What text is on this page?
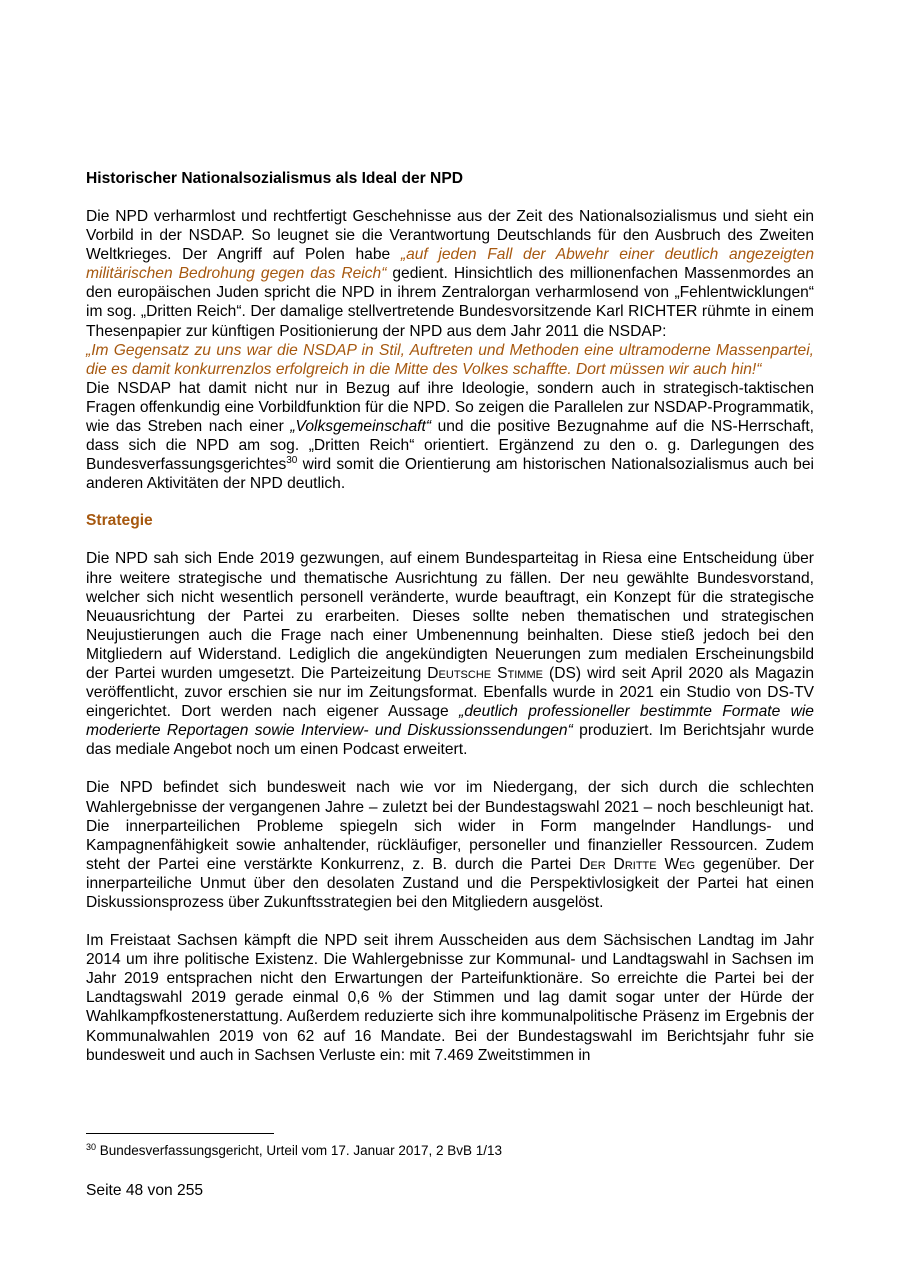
Historischer Nationalsozialismus als Ideal der NPD

Die NPD verharmlost und rechtfertigt Geschehnisse aus der Zeit des Nationalsozialismus und sieht ein Vorbild in der NSDAP. So leugnet sie die Verantwortung Deutschlands für den Ausbruch des Zweiten Weltkrieges. Der Angriff auf Polen habe „auf jeden Fall der Abwehr einer deutlich angezeigten militärischen Bedrohung gegen das Reich“ gedient. Hinsichtlich des millionenfachen Massenmordes an den europäischen Juden spricht die NPD in ihrem Zentralorgan verharmlosend von „Fehlentwicklungen“ im sog. „Dritten Reich“. Der damalige stellvertretende Bundesvorsitzende Karl RICHTER rühmte in einem Thesenpapier zur künftigen Positionierung der NPD aus dem Jahr 2011 die NSDAP:

„Im Gegensatz zu uns war die NSDAP in Stil, Auftreten und Methoden eine ultramoderne Massenpartei, die es damit konkurrenzlos erfolgreich in die Mitte des Volkes schaffte. Dort müssen wir auch hin!“

Die NSDAP hat damit nicht nur in Bezug auf ihre Ideologie, sondern auch in strategisch-taktischen Fragen offenkundig eine Vorbildfunktion für die NPD. So zeigen die Parallelen zur NSDAP-Programmatik, wie das Streben nach einer „Volksgemeinschaft“ und die positive Bezugnahme auf die NS-Herrschaft, dass sich die NPD am sog. „Dritten Reich“ orientiert. Ergänzend zu den o. g. Darlegungen des Bundesverfassungsgerichtes$^{30}$ wird somit die Orientierung am historischen Nationalsozialismus auch bei anderen Aktivitäten der NPD deutlich.

Strategie

Die NPD sah sich Ende 2019 gezwungen, auf einem Bundesparteitag in Riesa eine Entscheidung über ihre weitere strategische und thematische Ausrichtung zu fällen. Der neu gewählte Bundesvorstand, welcher sich nicht wesentlich personell veränderte, wurde beauftragt, ein Konzept für die strategische Neuausrichtung der Partei zu erarbeiten. Dieses sollte neben thematischen und strategischen Neujustierungen auch die Frage nach einer Umbenennung beinhalten. Diese stieß jedoch bei den Mitgliedern auf Widerstand. Lediglich die angekündigten Neuerungen zum medialen Erscheinungsbild der Partei wurden umgesetzt. Die Parteizeitung Deutsche Stimme (DS) wird seit April 2020 als Magazin veröffentlicht, zuvor erschien sie nur im Zeitungsformat. Ebenfalls wurde in 2021 ein Studio von DS-TV eingerichtet. Dort werden nach eigener Aussage „deutlich professioneller bestimmte Formate wie moderierte Reportagen sowie Interview- und Diskussionssendungen“ produziert. Im Berichtsjahr wurde das mediale Angebot noch um einen Podcast erweitert.

Die NPD befindet sich bundesweit nach wie vor im Niedergang, der sich durch die schlechten Wahlergebnisse der vergangenen Jahre – zuletzt bei der Bundestagswahl 2021 – noch beschleunigt hat. Die innerparteilichen Probleme spiegeln sich wider in Form mangelnder Handlungs- und Kampagnenfähigkeit sowie anhaltender, rückläufiger, personeller und finanzieller Ressourcen. Zudem steht der Partei eine verstärkte Konkurrenz, z. B. durch die Partei Der Dritte Weg gegenüber. Der innerparteiliche Unmut über den desolaten Zustand und die Perspektivlosigkeit der Partei hat einen Diskussionsprozess über Zukunftsstrategien bei den Mitgliedern ausgelöst.

Im Freistaat Sachsen kämpft die NPD seit ihrem Ausscheiden aus dem Sächsischen Landtag im Jahr 2014 um ihre politische Existenz. Die Wahlergebnisse zur Kommunal- und Landtagswahl in Sachsen im Jahr 2019 entsprachen nicht den Erwartungen der Parteifunktionäre. So erreichte die Partei bei der Landtagswahl 2019 gerade einmal 0,6 % der Stimmen und lag damit sogar unter der Hürde der Wahlkampfkostenerstattung. Außerdem reduzierte sich ihre kommunalpolitische Präsenz im Ergebnis der Kommunalwahlen 2019 von 62 auf 16 Mandate. Bei der Bundestagswahl im Berichtsjahr fuhr sie bundesweit und auch in Sachsen Verluste ein: mit 7.469 Zweitstimmen in

$^{30}$ Bundesverfassungsgericht, Urteil vom 17. Januar 2017, 2 BvB 1/13
Seite 48 von 255
